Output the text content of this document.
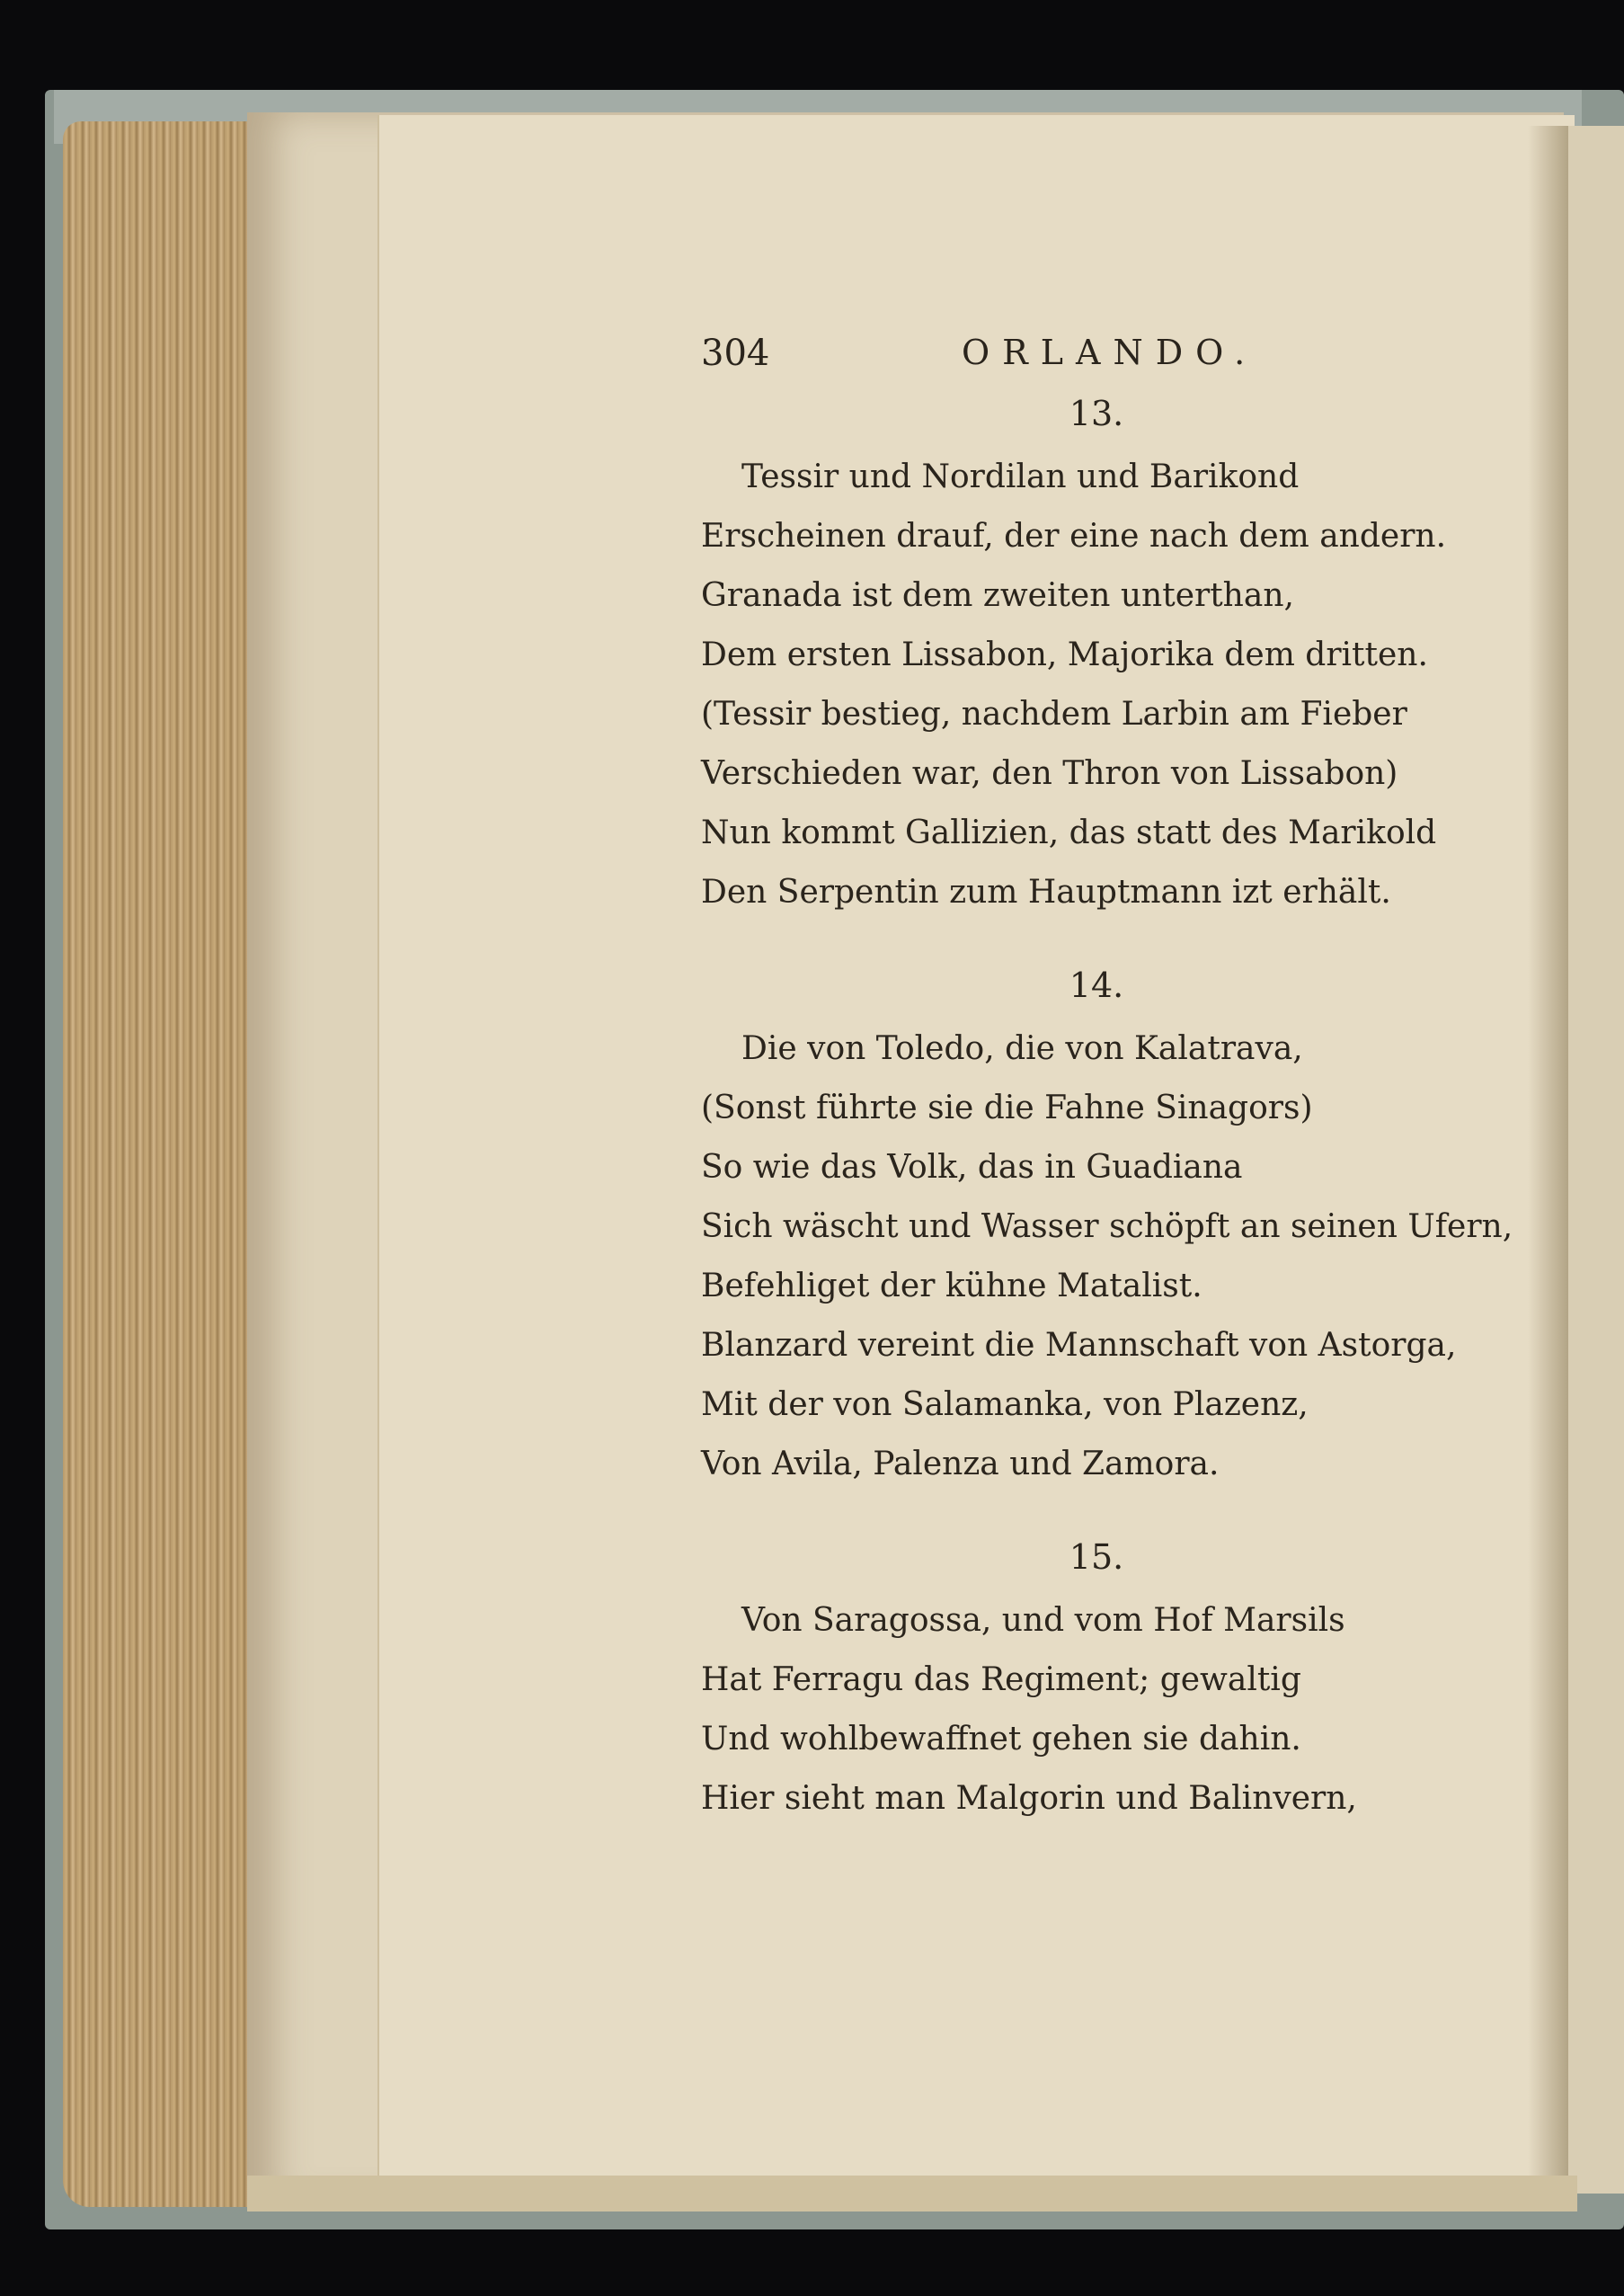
304	ORLANDO.
13.
Tessir und Nordilan und Barikond
Erscheinen drauf, der eine nach dem andern.
Granada ist dem zweiten unterthan,
Dem ersten Lissabon, Majorika dem dritten.
(Tessir bestieg, nachdem Larbin am Fieber
Verschieden war, den Thron von Lissabon)
Nun kommt Gallizien, das statt des Marikold
Den Serpentin zum Hauptmann izt erhält.
14.
Die von Toledo, die von Kalatrava,
(Sonst führte sie die Fahne Sinagors)
So wie das Volk, das in Guadiana
Sich wäscht und Wasser schöpft an seinen Ufern,
Befehliget der kühne Matalist.
Blanzard vereint die Mannschaft von Astorga,
Mit der von Salamanka, von Plazenz,
Von Avila, Palenza und Zamora.
15.
Von Saragossa, und vom Hof Marsils
Hat Ferragu das Regiment; gewaltig
Und wohlbewaffnet gehen sie dahin.
Hier sieht man Malgorin und Balinvern,
